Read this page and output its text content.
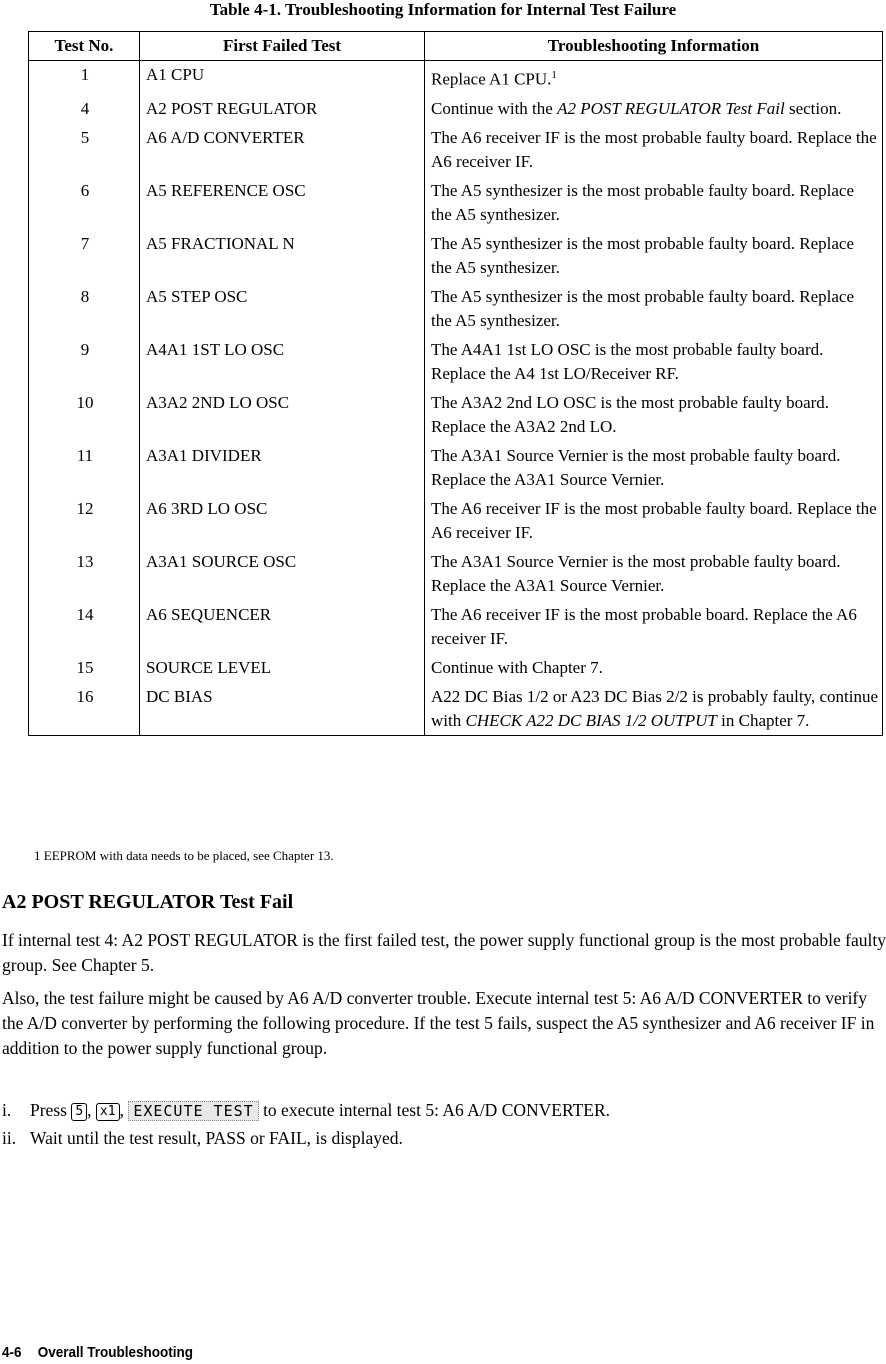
Table 4-1. Troubleshooting Information for Internal Test Failure
Test No.	First Failed Test	Troubleshooting Information
1	A1 CPU	Replace A1 CPU.$^1$
4	A2 POST REGULATOR	Continue with the A2 POST REGULATOR Test Fail section.
5	A6 A/D CONVERTER	The A6 receiver IF is the most probable faulty board. Replace the A6 receiver IF.
6	A5 REFERENCE OSC	The A5 synthesizer is the most probable faulty board. Replace the A5 synthesizer.
7	A5 FRACTIONAL N	The A5 synthesizer is the most probable faulty board. Replace the A5 synthesizer.
8	A5 STEP OSC	The A5 synthesizer is the most probable faulty board. Replace the A5 synthesizer.
9	A4A1 1ST LO OSC	The A4A1 1st LO OSC is the most probable faulty board. Replace the A4 1st LO/Receiver RF.
10	A3A2 2ND LO OSC	The A3A2 2nd LO OSC is the most probable faulty board. Replace the A3A2 2nd LO.
11	A3A1 DIVIDER	The A3A1 Source Vernier is the most probable faulty board. Replace the A3A1 Source Vernier.
12	A6 3RD LO OSC	The A6 receiver IF is the most probable faulty board. Replace the A6 receiver IF.
13	A3A1 SOURCE OSC	The A3A1 Source Vernier is the most probable faulty board. Replace the A3A1 Source Vernier.
14	A6 SEQUENCER	The A6 receiver IF is the most probable board. Replace the A6 receiver IF.
15	SOURCE LEVEL	Continue with Chapter 7.
16	DC BIAS	A22 DC Bias 1/2 or A23 DC Bias 2/2 is probably faulty, continue with CHECK A22 DC BIAS 1/2 OUTPUT in Chapter 7.
1 EEPROM with data needs to be placed, see Chapter 13.
A2 POST REGULATOR Test Fail
If internal test 4: A2 POST REGULATOR is the first failed test, the power supply functional group is the most probable faulty group. See Chapter 5.
Also, the test failure might be caused by A6 A/D converter trouble. Execute internal test 5: A6 A/D CONVERTER to verify the A/D converter by performing the following procedure. If the test 5 fails, suspect the A5 synthesizer and A6 receiver IF in addition to the power supply functional group.
i. Press 5 , x1 , EXECUTE TEST to execute internal test 5: A6 A/D CONVERTER.
ii. Wait until the test result, PASS or FAIL, is displayed.
4-6 Overall Troubleshooting
